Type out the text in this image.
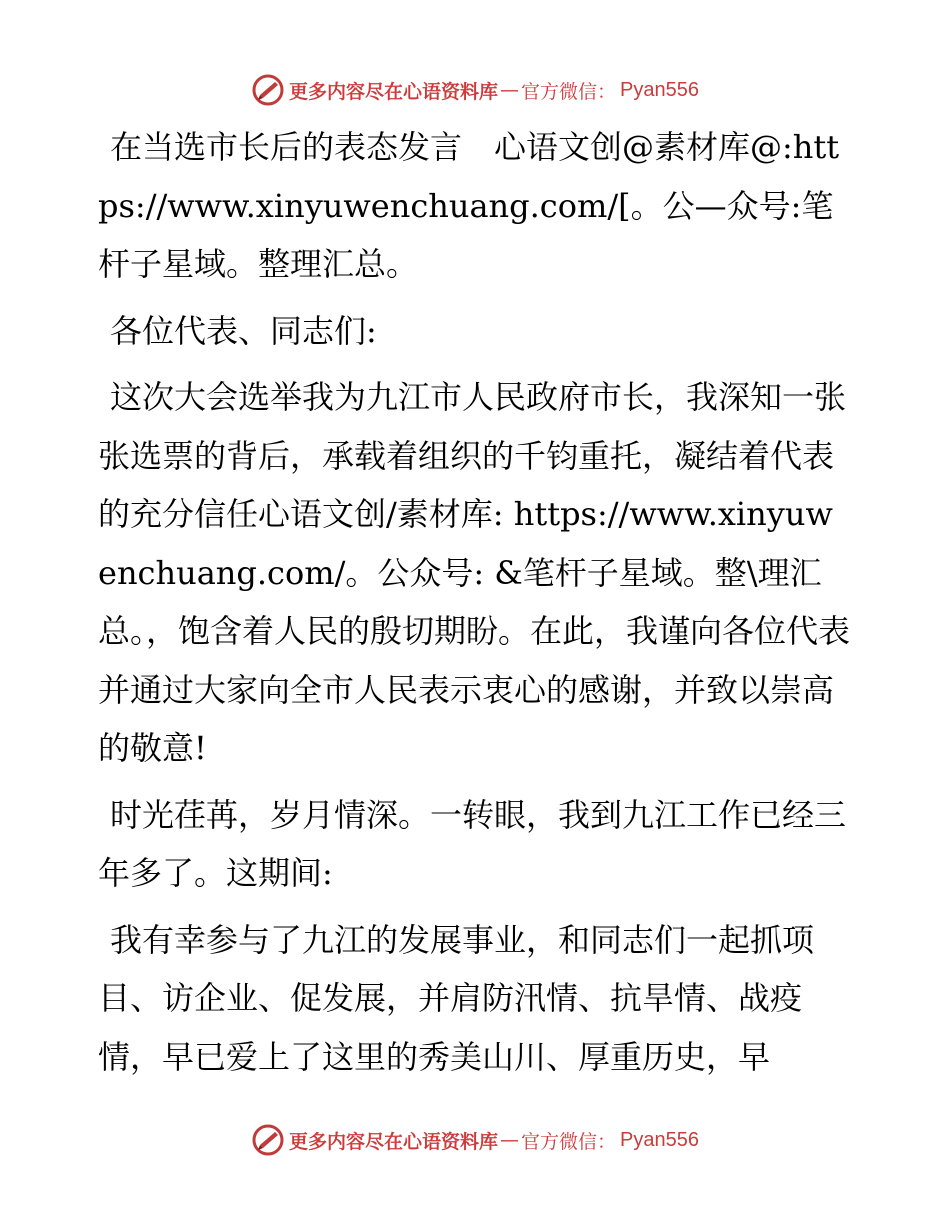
更多内容尽在心语资料库 — 官方微信： Pyan556

在当选市长后的表态发言　心语文创@素材库@:https://www.xinyuwenchuang.com/[。公—众号:笔杆子星域。整理汇总。

各位代表、同志们:

这次大会选举我为九江市人民政府市长，我深知一张张选票的背后，承载着组织的千钧重托，凝结着代表的充分信任心语文创/素材库: https://www.xinyuwenchuang.com/。公众号: &笔杆子星域。整\理汇总。，饱含着人民的殷切期盼。在此，我谨向各位代表并通过大家向全市人民表示衷心的感谢，并致以崇高的敬意!

时光荏苒，岁月情深。一转眼，我到九江工作已经三年多了。这期间:

我有幸参与了九江的发展事业，和同志们一起抓项目、访企业、促发展，并肩防汛情、抗旱情、战疫情，早已爱上了这里的秀美山川、厚重历史，早

更多内容尽在心语资料库 — 官方微信： Pyan556
